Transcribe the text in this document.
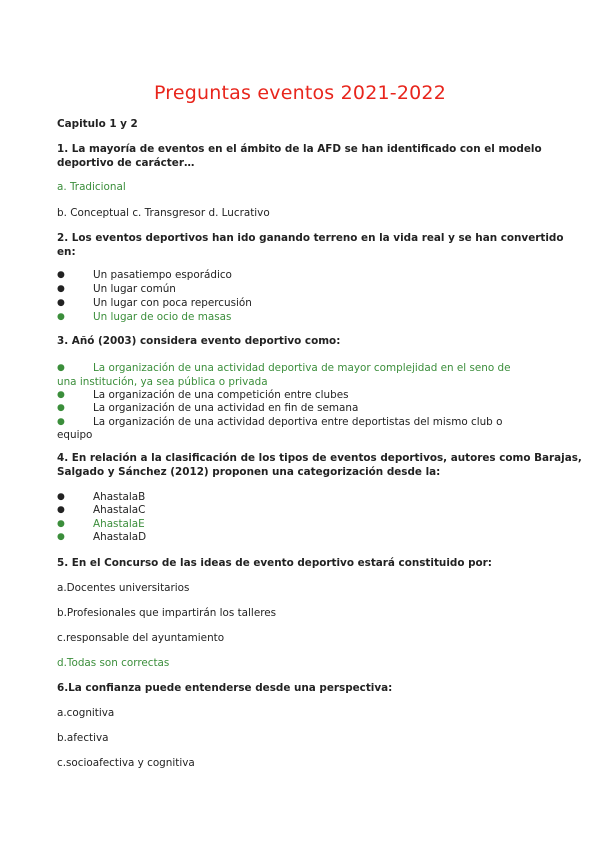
Preguntas eventos 2021-2022
Capitulo 1 y 2
1. La mayoría de eventos en el ámbito de la AFD se han identificado con el modelo
deportivo de carácter…
a. Tradicional
b. Conceptual c. Transgresor d. Lucrativo
2. Los eventos deportivos han ido ganando terreno en la vida real y se han convertido
en:
●	Un pasatiempo esporádico
●	Un lugar común
●	Un lugar con poca repercusión
●	Un lugar de ocio de masas
3. Añó (2003) considera evento deportivo como:
●	La organización de una actividad deportiva de mayor complejidad en el seno de
una institución, ya sea pública o privada
●	La organización de una competición entre clubes
●	La organización de una actividad en fin de semana
●	La organización de una actividad deportiva entre deportistas del mismo club o
equipo
4. En relación a la clasificación de los tipos de eventos deportivos, autores como Barajas,
Salgado y Sánchez (2012) proponen una categorización desde la:
●	AhastalaB
●	AhastalaC
●	AhastalaE
●	AhastalaD
5. En el Concurso de las ideas de evento deportivo estará constituido por:
a.Docentes universitarios
b.Profesionales que impartirán los talleres
c.responsable del ayuntamiento
d.Todas son correctas
6.La confianza puede entenderse desde una perspectiva:
a.cognitiva
b.afectiva
c.socioafectiva y cognitiva
